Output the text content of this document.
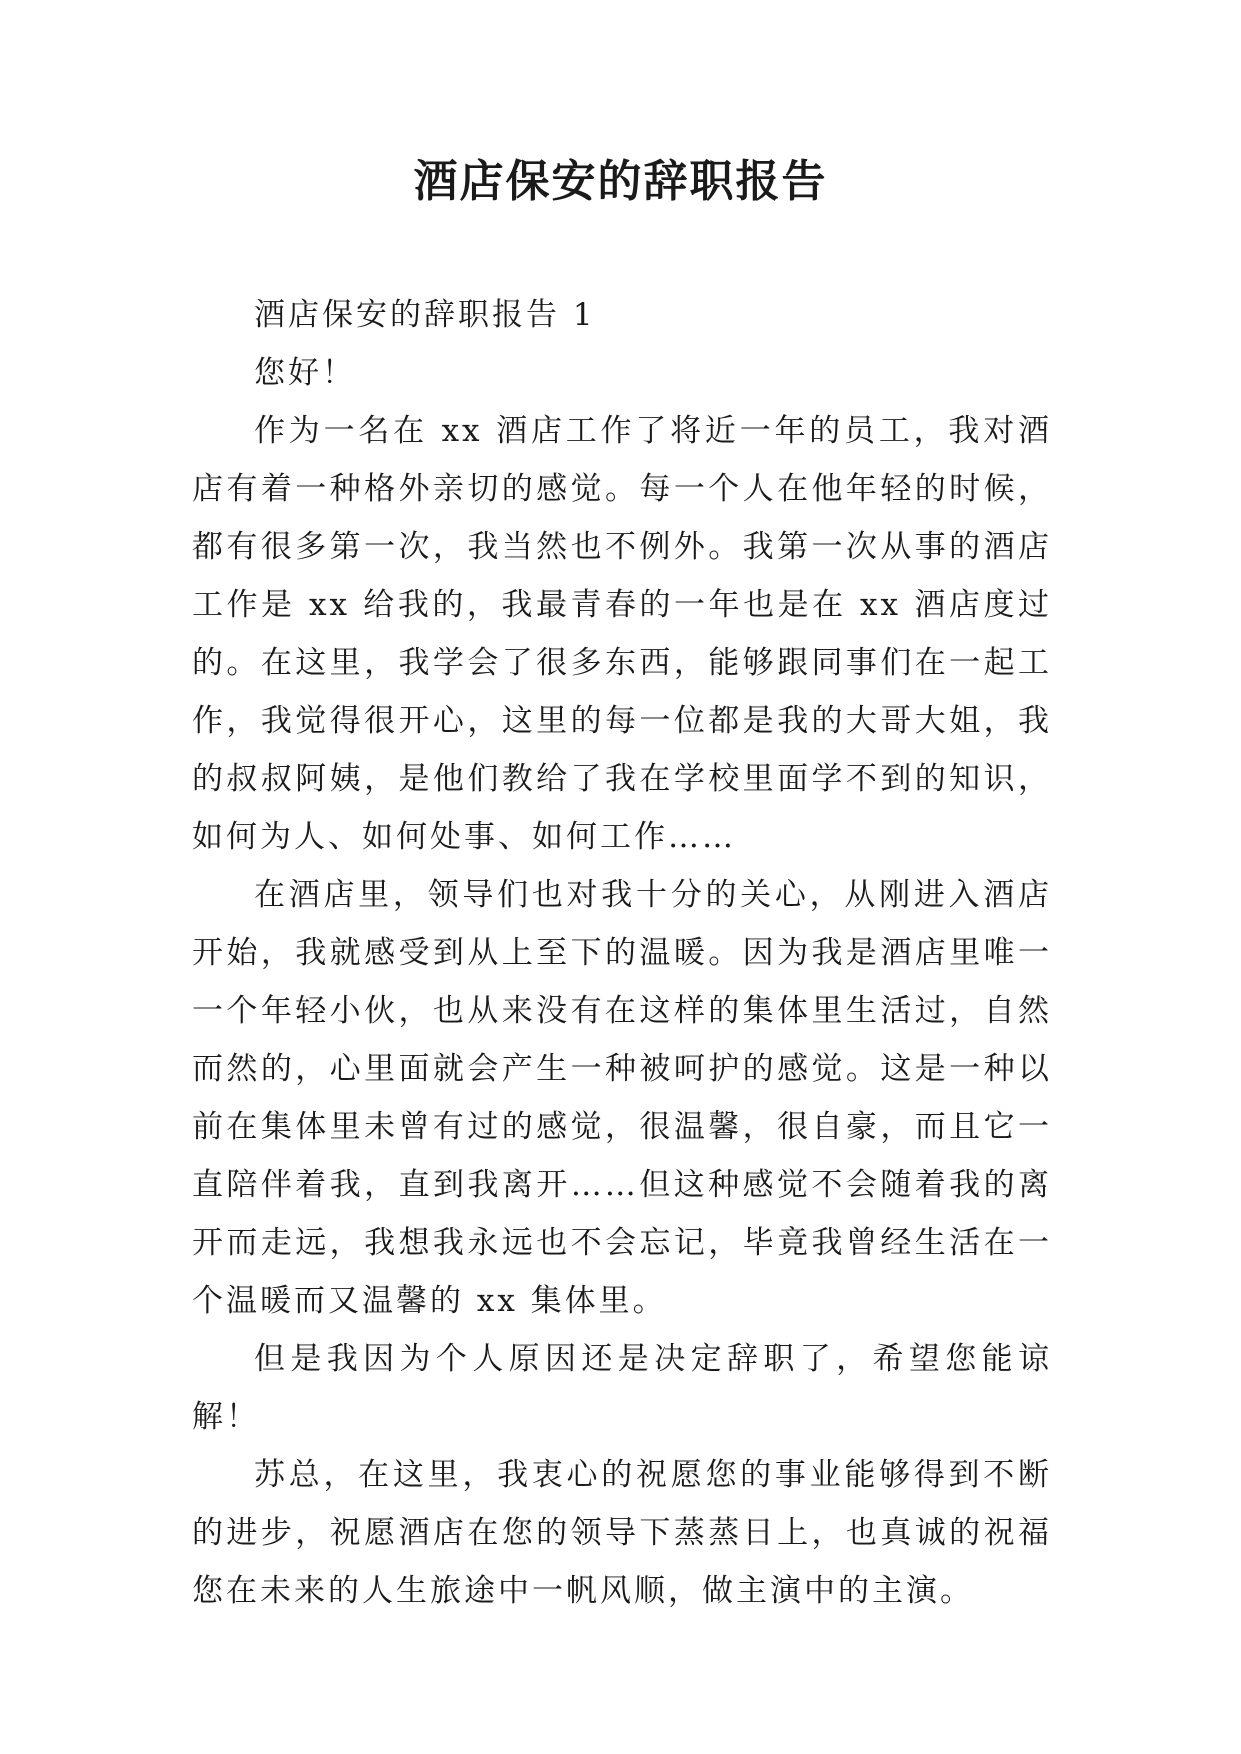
酒店保安的辞职报告

酒店保安的辞职报告 1

您好！

作为一名在 xx 酒店工作了将近一年的员工，我对酒店有着一种格外亲切的感觉。每一个人在他年轻的时候，都有很多第一次，我当然也不例外。我第一次从事的酒店工作是 xx 给我的，我最青春的一年也是在 xx 酒店度过的。在这里，我学会了很多东西，能够跟同事们在一起工作，我觉得很开心，这里的每一位都是我的大哥大姐，我的叔叔阿姨，是他们教给了我在学校里面学不到的知识，如何为人、如何处事、如何工作……

在酒店里，领导们也对我十分的关心，从刚进入酒店开始，我就感受到从上至下的温暖。因为我是酒店里唯一一个年轻小伙，也从来没有在这样的集体里生活过，自然而然的，心里面就会产生一种被呵护的感觉。这是一种以前在集体里未曾有过的感觉，很温馨，很自豪，而且它一直陪伴着我，直到我离开……但这种感觉不会随着我的离开而走远，我想我永远也不会忘记，毕竟我曾经生活在一个温暖而又温馨的 xx 集体里。

但是我因为个人原因还是决定辞职了，希望您能谅解！

苏总，在这里，我衷心的祝愿您的事业能够得到不断的进步，祝愿酒店在您的领导下蒸蒸日上，也真诚的祝福您在未来的人生旅途中一帆风顺，做主演中的主演。
